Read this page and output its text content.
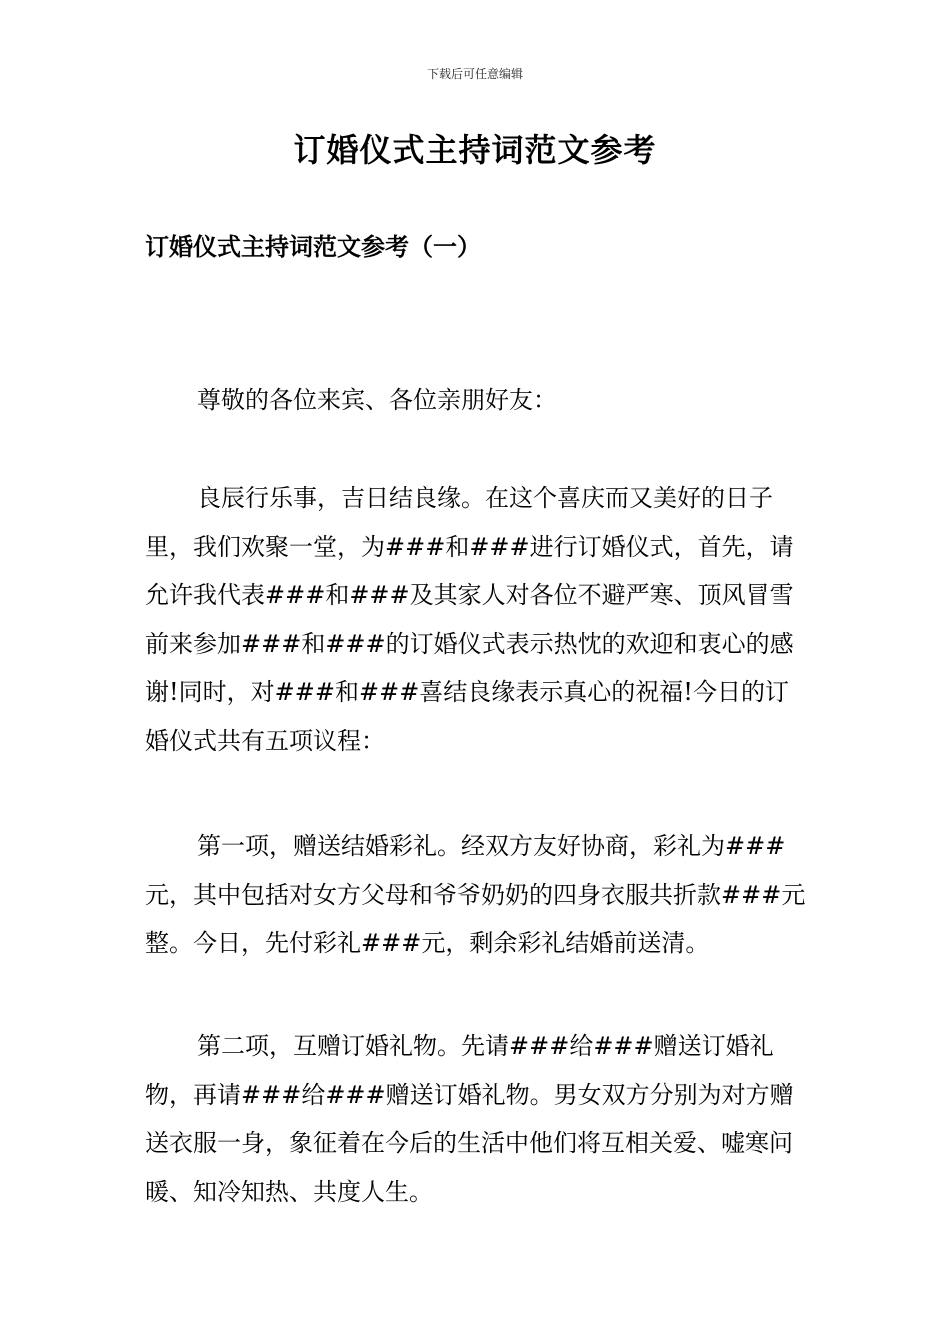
下载后可任意编辑
订婚仪式主持词范文参考
订婚仪式主持词范文参考（一）

尊敬的各位来宾、各位亲朋好友：

良辰行乐事，吉日结良缘。在这个喜庆而又美好的日子里，我们欢聚一堂，为###和###进行订婚仪式，首先，请允许我代表###和###及其家人对各位不避严寒、顶风冒雪前来参加###和###的订婚仪式表示热忱的欢迎和衷心的感谢!同时，对###和###喜结良缘表示真心的祝福!今日的订婚仪式共有五项议程：

第一项，赠送结婚彩礼。经双方友好协商，彩礼为###元，其中包括对女方父母和爷爷奶奶的四身衣服共折款###元整。今日，先付彩礼###元，剩余彩礼结婚前送清。

第二项，互赠订婚礼物。先请###给###赠送订婚礼物，再请###给###赠送订婚礼物。男女双方分别为对方赠送衣服一身，象征着在今后的生活中他们将互相关爱、嘘寒问暖、知冷知热、共度人生。
